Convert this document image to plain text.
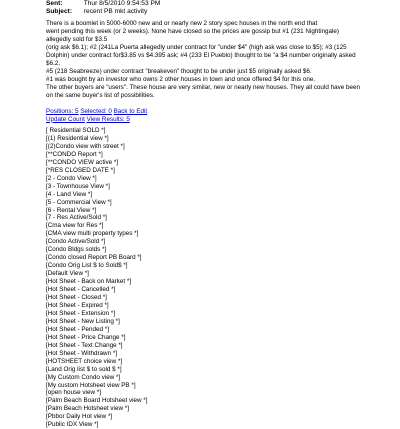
Sent:	Thur 8/5/2010 9:54:53 PM
Subject: recent PB mkt activity

There is a boomlet in 5000-6000 new and or nearly new 2 story spec houses in the north end that
went pending this week (or 2 weeks). None have closed so the prices are gossip but #1 (231 Nightingale)
allegedly sold for $3.5
(orig ask $6.1); #2 (241La Puerta allegedly under contract for "under $4" (high ask was close to $5); #3 (125
Dolphin) under contract for$3.85 vs $4.395 ask; #4 (233 El Pueblo) thought to be "a $4 number originally asked
$6.2,
#5 (218 Seabreeze) under contract "breakeven" thought to be under just $5 originally asked $6.
#1 was bought by an investor who owns 2 other houses in town and once offered $4 for this one.
The other buyers are "users". These house are very similar, new or nearly new houses. They all could have been
on the same buyer's list of possibilities.

Positions: 5 Selected: 0 Back to Edit
Update Count View Results: 5
[ Residential SOLD *]
[(1) Residential view *]
[(2)Condo view with street *]
[**CONDO Report *]
[**CONDO VIEW active *]
[*RES CLOSED DATE *]
[2 - Condo View *]
[3 - Townhouse View *]
[4 - Land View *]
[5 - Commercial View *]
[6 - Rental View *]
[7 - Res Active/Sold *]
[Cma view for Res *]
[CMA view multi property types *]
[Condo Active/Sold *]
[Condo Bldgs solds *]
[Condo closed Report PB Board *]
[Condo Orig List $ to Sold$ *]
[Default View *]
[Hot Sheet - Back on Market *]
[Hot Sheet - Cancelled *]
[Hot Sheet - Closed *]
[Hot Sheet - Expired *]
[Hot Sheet - Extension *]
[Hot Sheet - New Listing *]
[Hot Sheet - Pended *]
[Hot Sheet - Price Change *]
[Hot Sheet - Text Change *]
[Hot Sheet - Withdrawn *]
[HOTSHEET choice view *]
[Land Orig list $ to sold $ *]
[My Custom Condo view *]
[My custom Hotsheet view PB *]
[open house view *]
[Palm Beach Board Hotsheet view *]
[Palm Beach Hotsheet view *]
[Pbbor Daily Hot view *]
[Public IDX View *]
